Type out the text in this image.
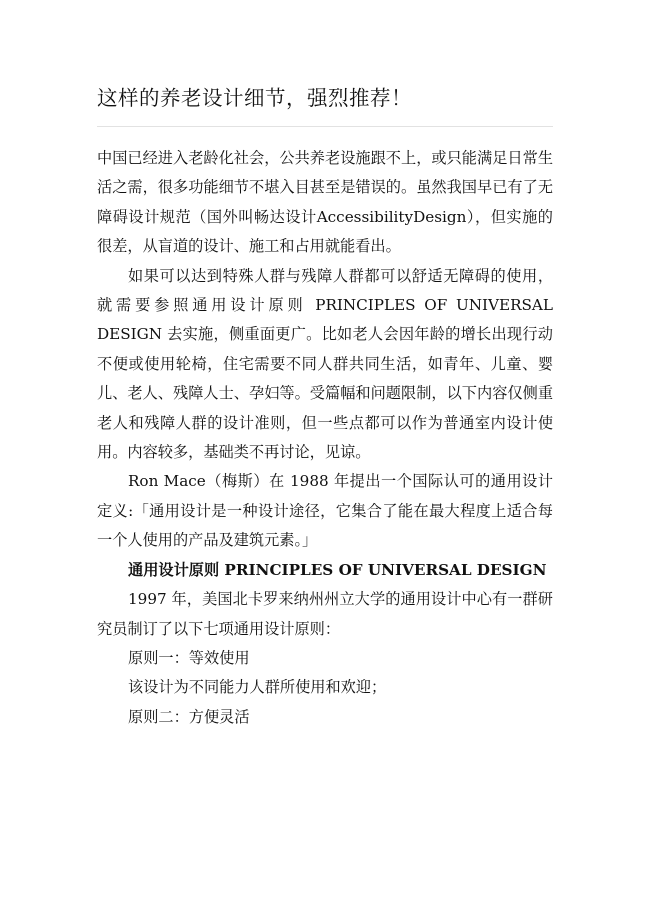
这样的养老设计细节，强烈推荐！

中国已经进入老龄化社会，公共养老设施跟不上，或只能满足日常生活之需，很多功能细节不堪入目甚至是错误的。虽然我国早已有了无障碍设计规范（国外叫畅达设计AccessibilityDesign），但实施的很差，从盲道的设计、施工和占用就能看出。

如果可以达到特殊人群与残障人群都可以舒适无障碍的使用，就需要参照通用设计原则 PRINCIPLES OF UNIVERSAL DESIGN 去实施，侧重面更广。比如老人会因年龄的增长出现行动不便或使用轮椅，住宅需要不同人群共同生活，如青年、儿童、婴儿、老人、残障人士、孕妇等。受篇幅和问题限制，以下内容仅侧重老人和残障人群的设计准则，但一些点都可以作为普通室内设计使用。内容较多，基础类不再讨论，见谅。

Ron Mace（梅斯）在 1988 年提出一个国际认可的通用设计定义:「通用设计是一种设计途径，它集合了能在最大程度上适合每一个人使用的产品及建筑元素。」

通用设计原则 PRINCIPLES OF UNIVERSAL DESIGN

1997 年，美国北卡罗来纳州州立大学的通用设计中心有一群研究员制订了以下七项通用设计原则：

原则一：等效使用

该设计为不同能力人群所使用和欢迎；

原则二：方便灵活
